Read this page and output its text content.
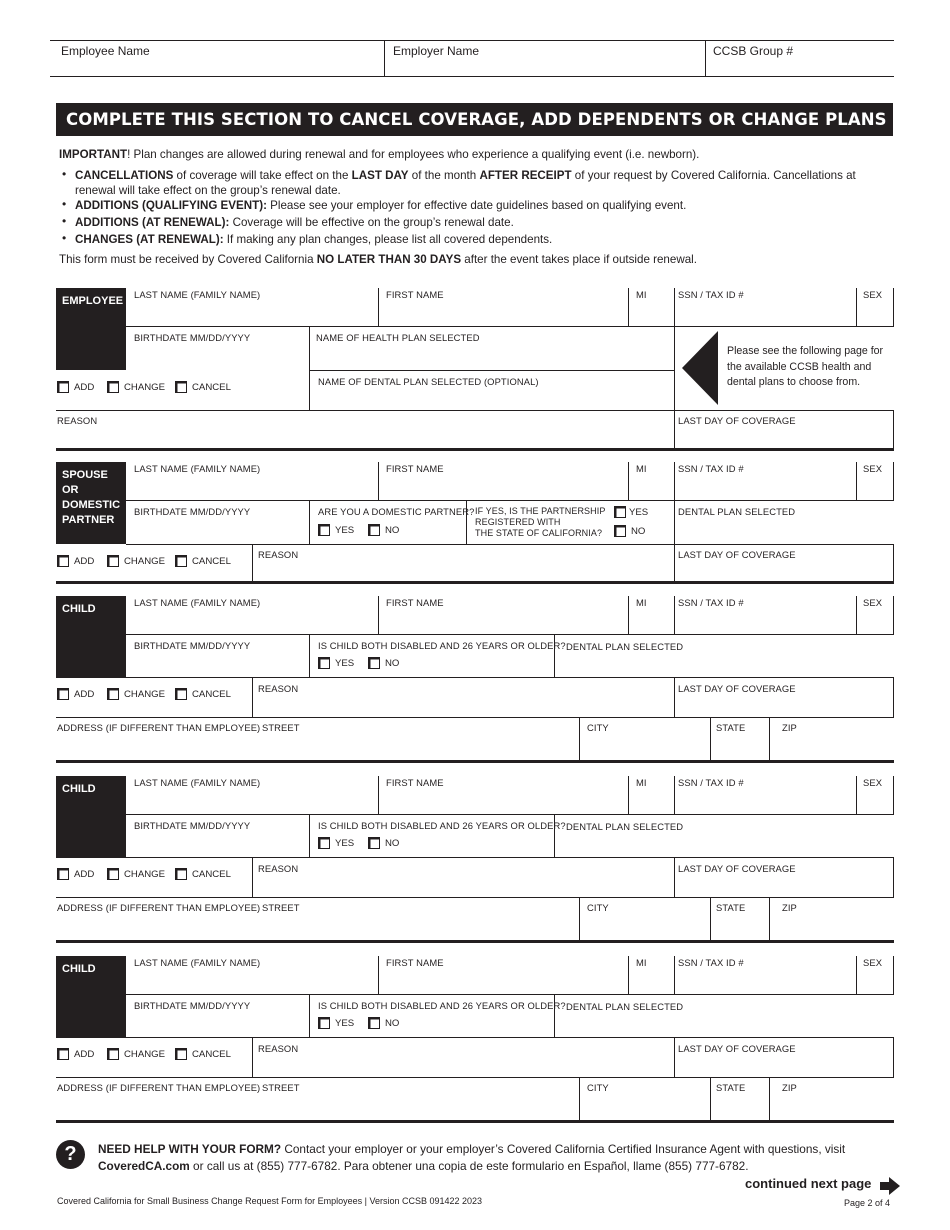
Employee Name	Employer Name	CCSB Group #
COMPLETE THIS SECTION TO CANCEL COVERAGE, ADD DEPENDENTS OR CHANGE PLANS
IMPORTANT! Plan changes are allowed during renewal and for employees who experience a qualifying event (i.e. newborn).
• CANCELLATIONS of coverage will take effect on the LAST DAY of the month AFTER RECEIPT of your request by Covered California. Cancellations at renewal will take effect on the group’s renewal date.
• ADDITIONS (QUALIFYING EVENT): Please see your employer for effective date guidelines based on qualifying event.
• ADDITIONS (AT RENEWAL): Coverage will be effective on the group’s renewal date.
• CHANGES (AT RENEWAL): If making any plan changes, please list all covered dependents.
This form must be received by Covered California NO LATER THAN 30 DAYS after the event takes place if outside renewal.
EMPLOYEE
LAST NAME (FAMILY NAME)	FIRST NAME	MI	SSN / TAX ID #	SEX
BIRTHDATE MM/DD/YYYY	NAME OF HEALTH PLAN SELECTED
NAME OF DENTAL PLAN SELECTED (OPTIONAL)
REASON	LAST DAY OF COVERAGE
ADD	CHANGE	CANCEL
Please see the following page for the available CCSB health and dental plans to choose from.
SPOUSE
OR
DOMESTIC
PARTNER
LAST NAME (FAMILY NAME)	FIRST NAME	MI	SSN / TAX ID #	SEX
BIRTHDATE MM/DD/YYYY	ARE YOU A DOMESTIC PARTNER?
YES	NO
IF YES, IS THE PARTNERSHIP
REGISTERED WITH
THE STATE OF CALIFORNIA?
YES
NO
DENTAL PLAN SELECTED
ADD	CHANGE	CANCEL
REASON	LAST DAY OF COVERAGE
CHILD
LAST NAME (FAMILY NAME)	FIRST NAME	MI	SSN / TAX ID #	SEX
BIRTHDATE MM/DD/YYYY	IS CHILD BOTH DISABLED AND 26 YEARS OR OLDER?
YES	NO
DENTAL PLAN SELECTED
ADD	CHANGE	CANCEL
REASON	LAST DAY OF COVERAGE
ADDRESS (IF DIFFERENT THAN EMPLOYEE) STREET	CITY	STATE	ZIP
CHILD
LAST NAME (FAMILY NAME)	FIRST NAME	MI	SSN / TAX ID #	SEX
BIRTHDATE MM/DD/YYYY	IS CHILD BOTH DISABLED AND 26 YEARS OR OLDER?
YES	NO
DENTAL PLAN SELECTED
ADD	CHANGE	CANCEL
REASON	LAST DAY OF COVERAGE
ADDRESS (IF DIFFERENT THAN EMPLOYEE) STREET	CITY	STATE	ZIP
CHILD
LAST NAME (FAMILY NAME)	FIRST NAME	MI	SSN / TAX ID #	SEX
BIRTHDATE MM/DD/YYYY	IS CHILD BOTH DISABLED AND 26 YEARS OR OLDER?
YES	NO
DENTAL PLAN SELECTED
ADD	CHANGE	CANCEL
REASON	LAST DAY OF COVERAGE
ADDRESS (IF DIFFERENT THAN EMPLOYEE) STREET	CITY	STATE	ZIP
?	NEED HELP WITH YOUR FORM? Contact your employer or your employer’s Covered California Certified Insurance Agent with questions, visit CoveredCA.com or call us at (855) 777-6782. Para obtener una copia de este formulario en Español, llame (855) 777-6782.
continued next page
Covered California for Small Business Change Request Form for Employees | Version CCSB 091422 2023	Page 2 of 4
